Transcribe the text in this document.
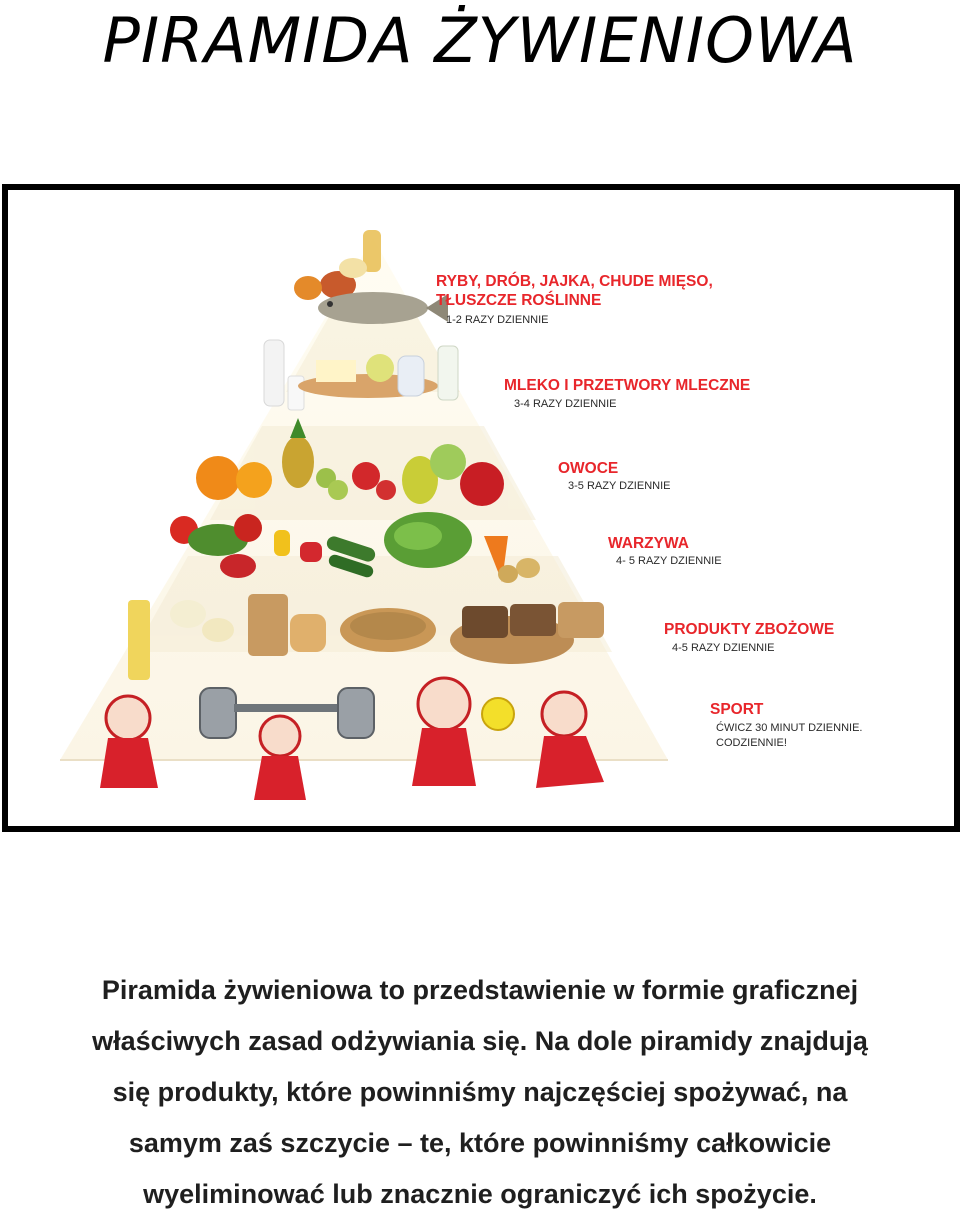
PIRAMIDA ŻYWIENIOWA
RYBY, DRÓB, JAJKA, CHUDE MIĘSO,
TŁUSZCZE ROŚLINNE
1-2 RAZY DZIENNIE
MLEKO I PRZETWORY MLECZNE
3-4 RAZY DZIENNIE
OWOCE
3-5 RAZY DZIENNIE
WARZYWA
4- 5 RAZY DZIENNIE
PRODUKTY ZBOŻOWE
4-5 RAZY DZIENNIE
SPORT
ĆWICZ 30 MINUT DZIENNIE.
CODZIENNIE!

Piramida żywieniowa to przedstawienie w formie graficznej
właściwych zasad odżywiania się. Na dole piramidy znajdują
się produkty, które powinniśmy najczęściej spożywać, na
samym zaś szczycie – te, które powinniśmy całkowicie
wyeliminować lub znacznie ograniczyć ich spożycie.
